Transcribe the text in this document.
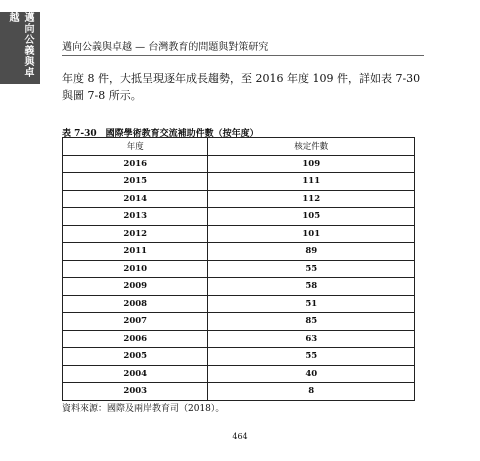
邁向公義與卓越
邁向公義與卓越 — 台灣教育的問題與對策研究

年度 8 件，大抵呈現逐年成長趨勢，至 2016 年度 109 件，詳如表 7-30 與圖 7-8 所示。

表 7-30　國際學術教育交流補助件數（按年度）
年度	核定件數
2016	109
2015	111
2014	112
2013	105
2012	101
2011	89
2010	55
2009	58
2008	51
2007	85
2006	63
2005	55
2004	40
2003	8
資料來源：國際及兩岸教育司（2018）。
464
